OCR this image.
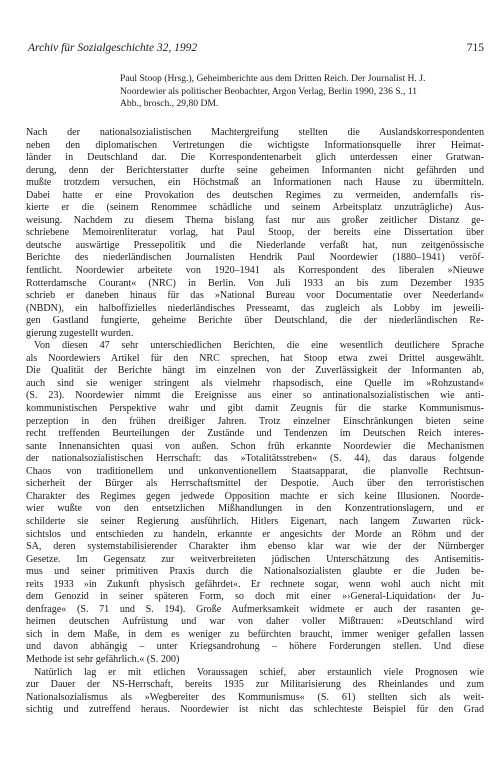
Archiv für Sozialgeschichte 32, 1992	715
Paul Stoop (Hrsg.), Geheimberichte aus dem Dritten Reich. Der Journalist H. J.
Noordewier als politischer Beobachter, Argon Verlag, Berlin 1990, 236 S., 11
Abb., brosch., 29,80 DM.

Nach der nationalsozialistischen Machtergreifung stellten die Auslandskorrespondenten
neben den diplomatischen Vertretungen die wichtigste Informationsquelle ihrer Heimat-
länder in Deutschland dar. Die Korrespondentenarbeit glich unterdessen einer Gratwan-
derung, denn der Berichterstatter durfte seine geheimen Informanten nicht gefährden und
mußte trotzdem versuchen, ein Höchstmaß an Informationen nach Hause zu übermitteln.
Dabei hatte er eine Provokation des deutschen Regimes zu vermeiden, andernfalls ris-
kierte er die (seinem Renommee schädliche und seinem Arbeitsplatz unzuträgliche) Aus-
weisung. Nachdem zu diesem Thema bislang fast nur aus großer zeitlicher Distanz ge-
schriebene Memoirenliteratur vorlag, hat Paul Stoop, der bereits eine Dissertation über
deutsche auswärtige Pressepolitik und die Niederlande verfaßt hat, nun zeitgenössische
Berichte des niederländischen Journalisten Hendrik Paul Noordewier (1880–1941) veröf-
fentlicht. Noordewier arbeitete von 1920–1941 als Korrespondent des liberalen »Nieuwe
Rotterdamsche Courant« (NRC) in Berlin. Von Juli 1933 an bis zum Dezember 1935
schrieb er daneben hinaus für das »National Bureau voor Documentatie over Neederland«
(NBDN), ein halboffizielles niederländisches Presseamt, das zugleich als Lobby im jeweili-
gen Gastland fungierte, geheime Berichte über Deutschland, die der niederländischen Re-
gierung zugestellt wurden.

Von diesen 47 sehr unterschiedlichen Berichten, die eine wesentlich deutlichere Sprache
als Noordewiers Artikel für den NRC sprechen, hat Stoop etwa zwei Drittel ausgewählt.
Die Qualität der Berichte hängt im einzelnen von der Zuverlässigkeit der Informanten ab,
auch sind sie weniger stringent als vielmehr rhapsodisch, eine Quelle im »Rohzustand«
(S. 23). Noordewier nimmt die Ereignisse aus einer so antinationalsozialistischen wie anti-
kommunistischen Perspektive wahr und gibt damit Zeugnis für die starke Kommunismus-
perzeption in den frühen dreißiger Jahren. Trotz einzelner Einschränkungen bieten seine
recht treffenden Beurteilungen der Zustände und Tendenzen im Deutschen Reich interes-
sante Innenansichten quasi von außen. Schon früh erkannte Noordewier die Mechanismen
der nationalsozialistischen Herrschaft: das »Totalitätsstreben« (S. 44), das daraus folgende
Chaos von traditionellem und unkonventionellem Staatsapparat, die planvolle Rechtsun-
sicherheit der Bürger als Herrschaftsmittel der Despotie. Auch über den terroristischen
Charakter des Regimes gegen jedwede Opposition machte er sich keine Illusionen. Noorde-
wier wußte von den entsetzlichen Mißhandlungen in den Konzentrationslagern, und er
schilderte sie seiner Regierung ausführlich. Hitlers Eigenart, nach langem Zuwarten rück-
sichtslos und entschieden zu handeln, erkannte er angesichts der Morde an Röhm und der
SA, deren systemstabilisierender Charakter ihm ebenso klar war wie der der Nürnberger
Gesetze. Im Gegensatz zur weitverbreiteten jüdischen Unterschätzung des Antisemitis-
mus und seiner primitiven Praxis durch die Nationalsozialisten glaubte er die Juden be-
reits 1933 »in Zukunft physisch gefährdet«. Er rechnete sogar, wenn wohl auch nicht mit
dem Genozid in seiner späteren Form, so doch mit einer »›General-Liquidation‹ der Ju-
denfrage« (S. 71 und S. 194). Große Aufmerksamkeit widmete er auch der rasanten ge-
heimen deutschen Aufrüstung und war von daher voller Mißtrauen: »Deutschland wird
sich in dem Maße, in dem es weniger zu befürchten braucht, immer weniger gefallen lassen
und davon abhängig – unter Kriegsandrohung – höhere Forderungen stellen. Und diese
Methode ist sehr gefährlich.« (S. 200)

Natürlich lag er mit etlichen Voraussagen schief, aber erstaunlich viele Prognosen wie
zur Dauer der NS-Herrschaft, bereits 1935 zur Militarisierung des Rheinlandes und zum
Nationalsozialismus als »Wegbereiter des Kommunismus« (S. 61) stellten sich als weit-
sichtig und zutreffend heraus. Noordewier ist nicht das schlechteste Beispiel für den Grad
